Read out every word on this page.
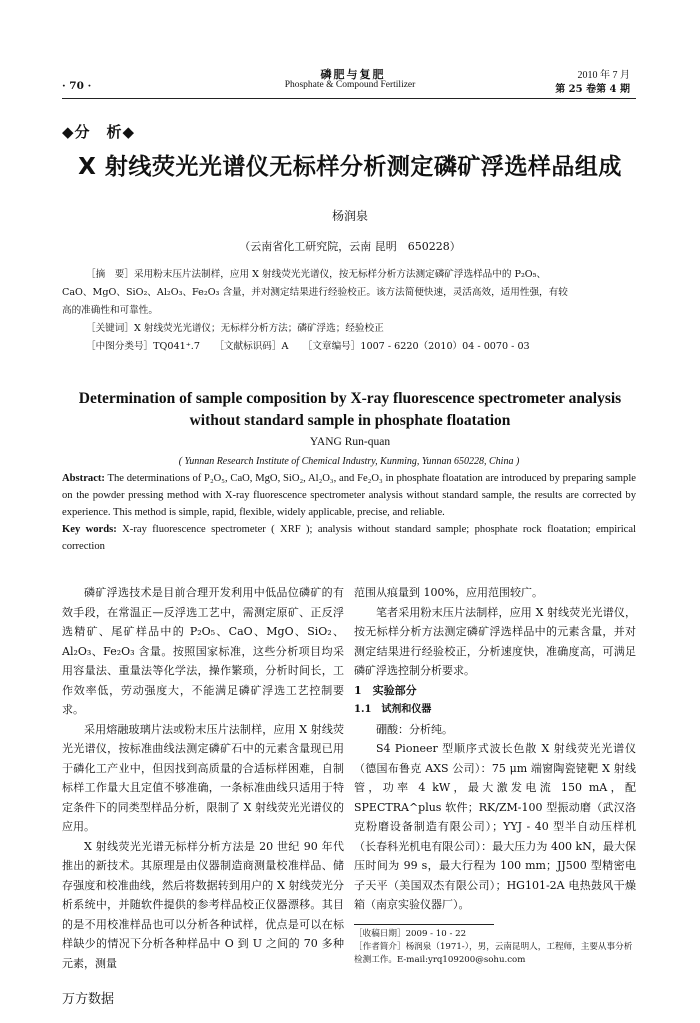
磷肥与复肥
Phosphate & Compound Fertilizer
· 70 ·
2010 年 7 月
第 25 卷第 4 期
◆分　析◆
X 射线荧光光谱仪无标样分析测定磷矿浮选样品组成
杨润泉
（云南省化工研究院，云南 昆明　650228）
［摘　要］采用粉末压片法制样，应用 X 射线荧光光谱仪，按无标样分析方法测定磷矿浮选样品中的 P₂O₅、
CaO、MgO、SiO₂、Al₂O₃、Fe₂O₃ 含量，并对测定结果进行经验校正。该方法简便快速，灵活高效，适用性强，有较
高的准确性和可靠性。
［关键词］X 射线荧光光谱仪；无标样分析方法；磷矿浮选；经验校正
［中图分类号］TQ041⁺.7　　［文献标识码］A　　［文章编号］1007 - 6220（2010）04 - 0070 - 03
Determination of sample composition by X-ray fluorescence spectrometer analysis
without standard sample in phosphate floatation
YANG Run-quan
( Yunnan Research Institute of Chemical Industry, Kunming, Yunnan 650228, China )
Abstract: The determinations of P₂O₅, CaO, MgO, SiO₂, Al₂O₃, and Fe₂O₃ in phosphate floatation are introduced by preparing sample on the powder pressing method with X-ray fluorescence spectrometer analysis without standard sample, the results are corrected by experience. This method is simple, rapid, flexible, widely applicable, precise, and reliable.
Key words: X-ray fluorescence spectrometer ( XRF ); analysis without standard sample; phosphate rock floatation; empirical correction

磷矿浮选技术是目前合理开发利用中低品位磷矿的有效手段，在常温正—反浮选工艺中，需测定原矿、正反浮选精矿、尾矿样品中的 P₂O₅、CaO、MgO、SiO₂、Al₂O₃、Fe₂O₃ 含量。按照国家标准，这些分析项目均采用容量法、重量法等化学法，操作繁琐，分析时间长，工作效率低，劳动强度大，不能满足磷矿浮选工艺控制要求。

采用熔融玻璃片法或粉末压片法制样，应用 X 射线荧光光谱仪，按标准曲线法测定磷矿石中的元素含量现已用于磷化工产业中，但因找到高质量的合适标样困难，自制标样工作量大且定值不够准确，一条标准曲线只适用于特定条件下的同类型样品分析，限制了 X 射线荧光光谱仪的应用。

X 射线荧光光谱无标样分析方法是 20 世纪 90 年代推出的新技术。其原理是由仪器制造商测量校准样品、储存强度和校准曲线，然后将数据转到用户的 X 射线荧光分析系统中，并随软件提供的参考样品校正仪器漂移。其目的是不用校准样品也可以分析各种试样，优点是可以在标样缺少的情况下分析各种样品中 O 到 U 之间的 70 多种元素，测量

范围从痕量到 100%，应用范围较广。

笔者采用粉末压片法制样，应用 X 射线荧光光谱仪，按无标样分析方法测定磷矿浮选样品中的元素含量，并对测定结果进行经验校正，分析速度快，准确度高，可满足磷矿浮选控制分析要求。

1　实验部分

1.1　试剂和仪器

硼酸：分析纯。

S4 Pioneer 型顺序式波长色散 X 射线荧光光谱仪（德国布鲁克 AXS 公司）：75 μm 端窗陶瓷铑靶 X 射线管，功率 4 kW，最大激发电流 150 mA，配 SPECTRA^plus 软件；RK/ZM-100 型振动磨（武汉洛克粉磨设备制造有限公司）；YYJ - 40 型半自动压样机（长春科光机电有限公司）：最大压力为 400 kN，最大保压时间为 99 s，最大行程为 100 mm；JJ500 型精密电子天平（美国双杰有限公司）；HG101-2A 电热鼓风干燥箱（南京实验仪器厂）。

［收稿日期］2009 - 10 - 22
［作者简介］杨润泉（1971-），男，云南昆明人，工程师，主要从事分析检测工作。E-mail:yrq109200@sohu.com
万方数据
